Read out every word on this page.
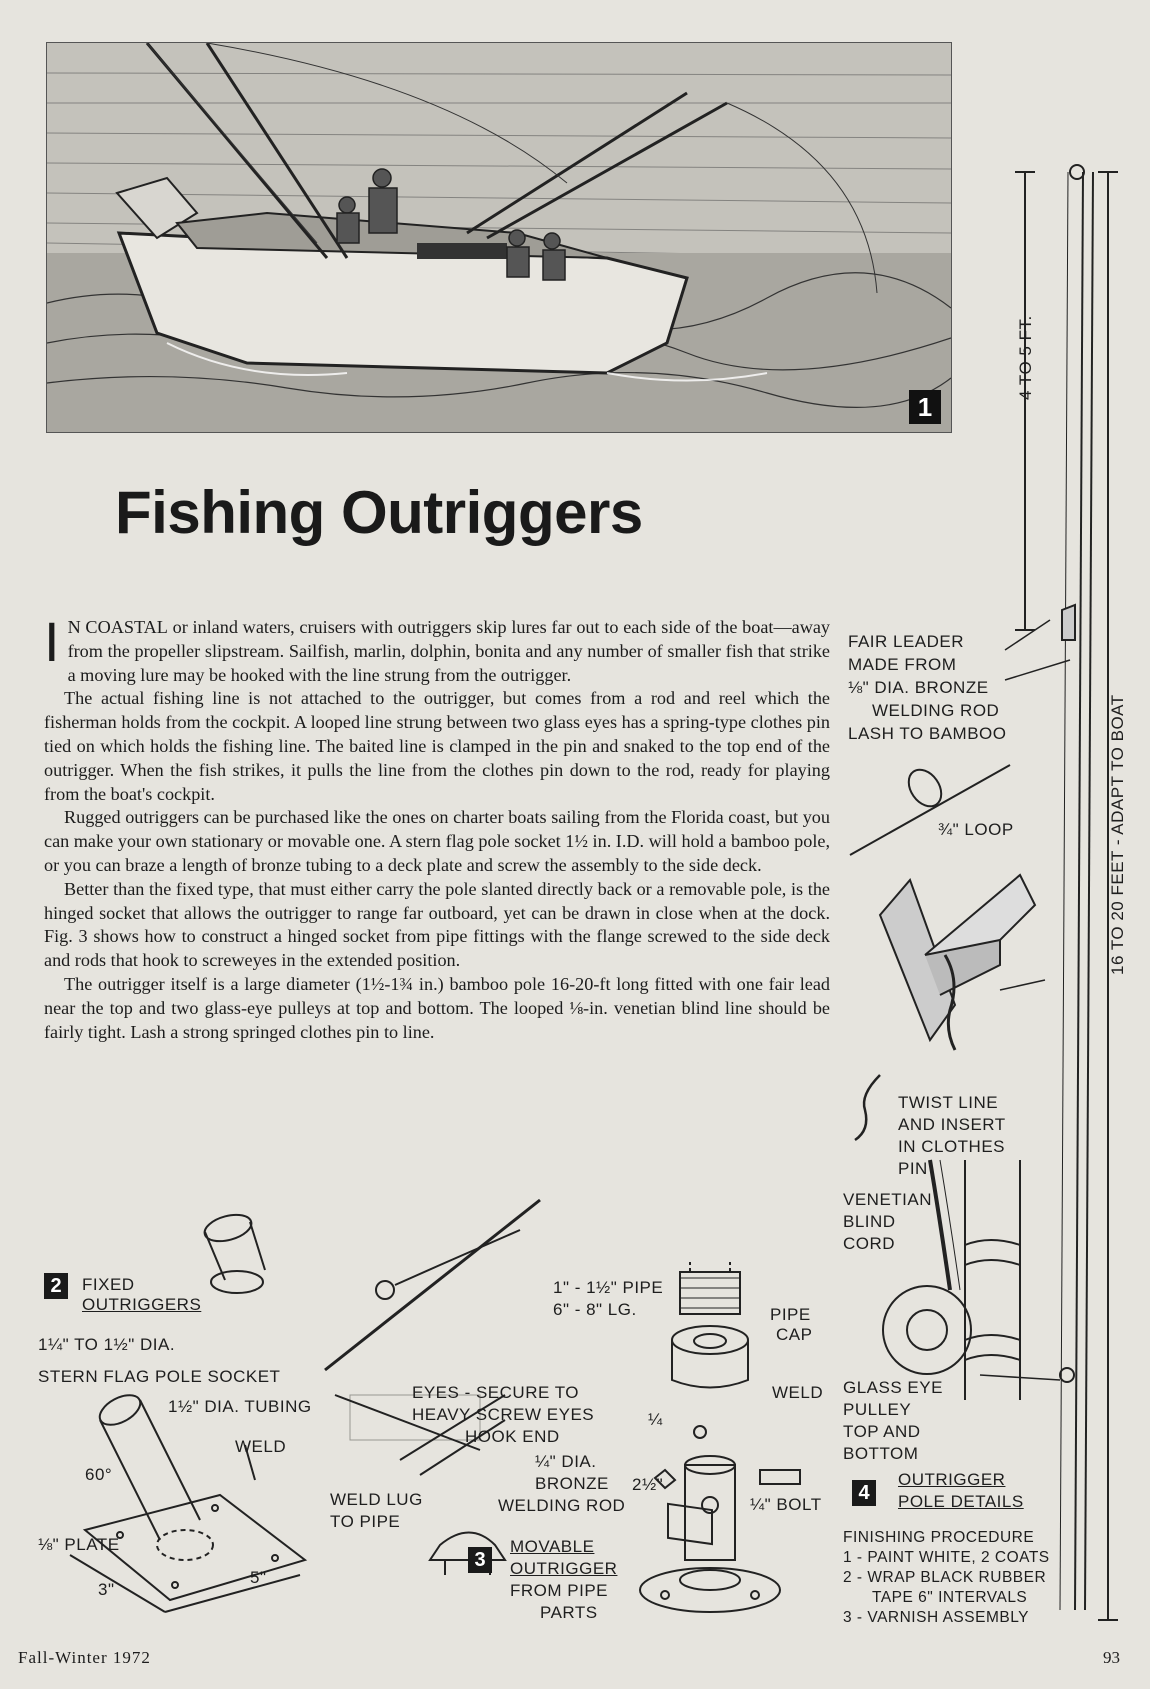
1
Fishing Outriggers

I N COASTAL or inland waters, cruisers with outriggers skip lures far out to each side of the boat—away from the propeller slipstream. Sailfish, marlin, dolphin, bonita and any number of smaller fish that strike a moving lure may be hooked with the line strung from the outrigger.

The actual fishing line is not attached to the outrigger, but comes from a rod and reel which the fisherman holds from the cockpit. A looped line strung between two glass eyes has a spring-type clothes pin tied on which holds the fishing line. The baited line is clamped in the pin and snaked to the top end of the outrigger. When the fish strikes, it pulls the line from the clothes pin down to the rod, ready for playing from the boat's cockpit.

Rugged outriggers can be purchased like the ones on charter boats sailing from the Florida coast, but you can make your own stationary or movable one. A stern flag pole socket 1½ in. I.D. will hold a bamboo pole, or you can braze a length of bronze tubing to a deck plate and screw the assembly to the side deck.

Better than the fixed type, that must either carry the pole slanted directly back or a removable pole, is the hinged socket that allows the outrigger to range far outboard, yet can be drawn in close when at the dock. Fig. 3 shows how to construct a hinged socket from pipe fittings with the flange screwed to the side deck and rods that hook to screweyes in the extended position.

The outrigger itself is a large diameter (1½-1¾ in.) bamboo pole 16-20-ft long fitted with one fair lead near the top and two glass-eye pulleys at top and bottom. The looped ⅛-in. venetian blind line should be fairly tight. Lash a strong springed clothes pin to line.

2	FIXED
OUTRIGGERS
1¼" TO 1½" DIA.
STERN FLAG POLE SOCKET
1½" DIA. TUBING
WELD
60°
⅛" PLATE
3"
5"
1" - 1½" PIPE
6" - 8" LG.	PIPE
CAP
WELD
EYES - SECURE TO
HEAVY SCREW EYES
HOOK END
¼" DIA.
BRONZE
WELDING ROD
WELD LUG
TO PIPE
¼
2½"
¼" BOLT
3
MOVABLE
OUTRIGGER
FROM PIPE
PARTS
4 TO 5 FT.
16 TO 20 FEET - ADAPT TO BOAT
FAIR LEADER
MADE FROM
⅛" DIA. BRONZE
WELDING ROD
LASH TO BAMBOO
¾" LOOP
TWIST LINE
AND INSERT
IN CLOTHES
PIN
VENETIAN
BLIND
CORD
GLASS EYE
PULLEY
TOP AND
BOTTOM
4
OUTRIGGER
POLE DETAILS
FINISHING PROCEDURE
1 - PAINT WHITE, 2 COATS
2 - WRAP BLACK RUBBER
TAPE 6" INTERVALS
3 - VARNISH ASSEMBLY
Fall-Winter 1972	93
